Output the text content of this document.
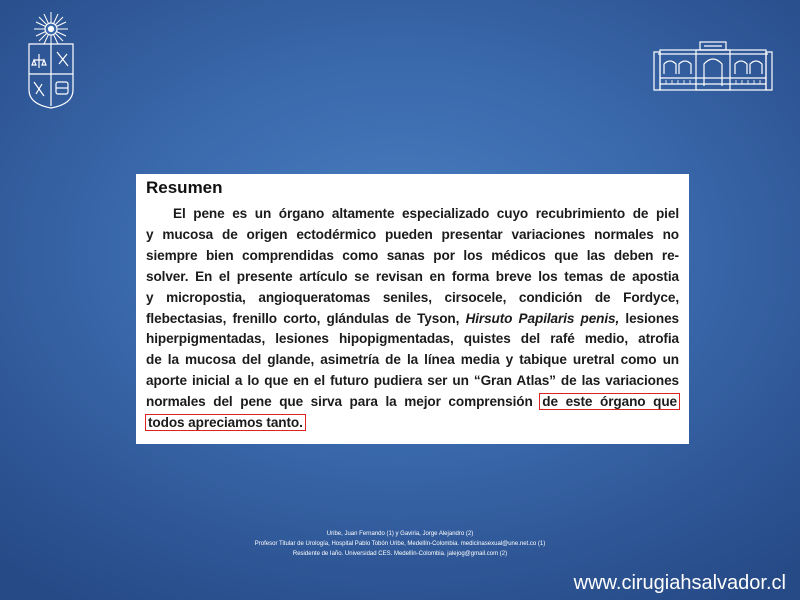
Resumen
El pene es un órgano altamente especializado cuyo recubrimiento de piel
y mucosa de origen ectodérmico pueden presentar variaciones normales no
siempre bien comprendidas como sanas por los médicos que las deben re-
solver. En el presente artículo se revisan en forma breve los temas de apostia
y micropostia, angioqueratomas seniles, cirsocele, condición de Fordyce,
flebectasias, frenillo corto, glándulas de Tyson, Hirsuto Papilaris penis, lesiones
hiperpigmentadas, lesiones hipopigmentadas, quistes del rafé medio, atrofia
de la mucosa del glande, asimetría de la línea media y tabique uretral como un
aporte inicial a lo que en el futuro pudiera ser un “Gran Atlas” de las variaciones
normales del pene que sirva para la mejor comprensión de este órgano que
todos apreciamos tanto.
Uribe, Juan Fernando (1) y Gaviria, Jorge Alejandro (2)
Profesor Titular de Urología, Hospital Pablo Tobón Uribe, Medellín-Colombia. medicinasexual@une.net.co (1)
Residente de Iaño. Universidad CES. Medellín-Colombia. jalejog@gmail.com (2)
www.cirugiahsalvador.cl
